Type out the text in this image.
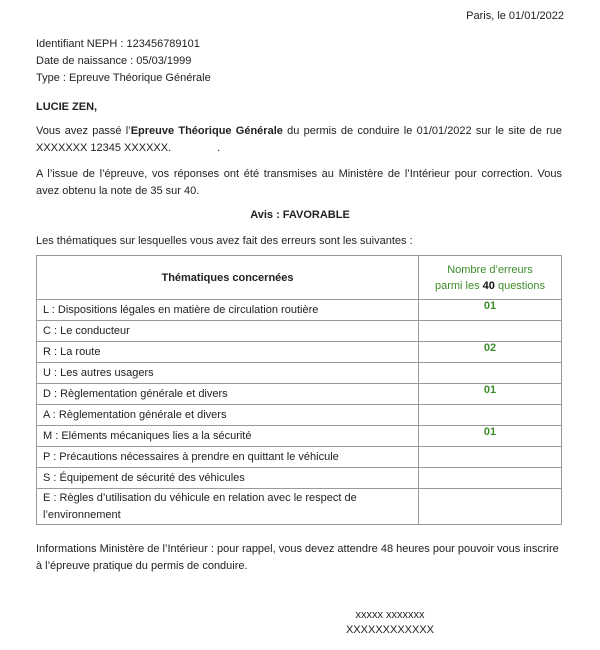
Paris, le 01/01/2022
Identifiant NEPH : 123456789101
Date de naissance : 05/03/1999
Type : Epreuve Théorique Générale
LUCIE ZEN,
Vous avez passé l’Epreuve Théorique Générale du permis de conduire le 01/01/2022 sur le site de rue XXXXXXX 12345 XXXXXX.	.
A l’issue de l’épreuve, vos réponses ont été transmises au Ministère de l’Intérieur pour correction. Vous avez obtenu la note de 35 sur 40.
Avis : FAVORABLE
Les thématiques sur lesquelles vous avez fait des erreurs sont les suivantes :
Thématiques concernées	Nombre d’erreurs
parmi les 40 questions
L : Dispositions légales en matière de circulation routière	01
C : Le conducteur	
R : La route	02
U : Les autres usagers	
D : Règlementation générale et divers	01
A : Règlementation générale et divers	
M : Eléments mécaniques lies a la sécurité	01
P : Précautions nécessaires à prendre en quittant le véhicule	
S : Équipement de sécurité des véhicules	
E : Règles d’utilisation du véhicule en relation avec le respect de l’environnement	
Informations Ministère de l’Intérieur : pour rappel, vous devez attendre 48 heures pour pouvoir vous inscrire à l’épreuve pratique du permis de conduire.
xxxxx xxxxxxx
XXXXXXXXXXXX
